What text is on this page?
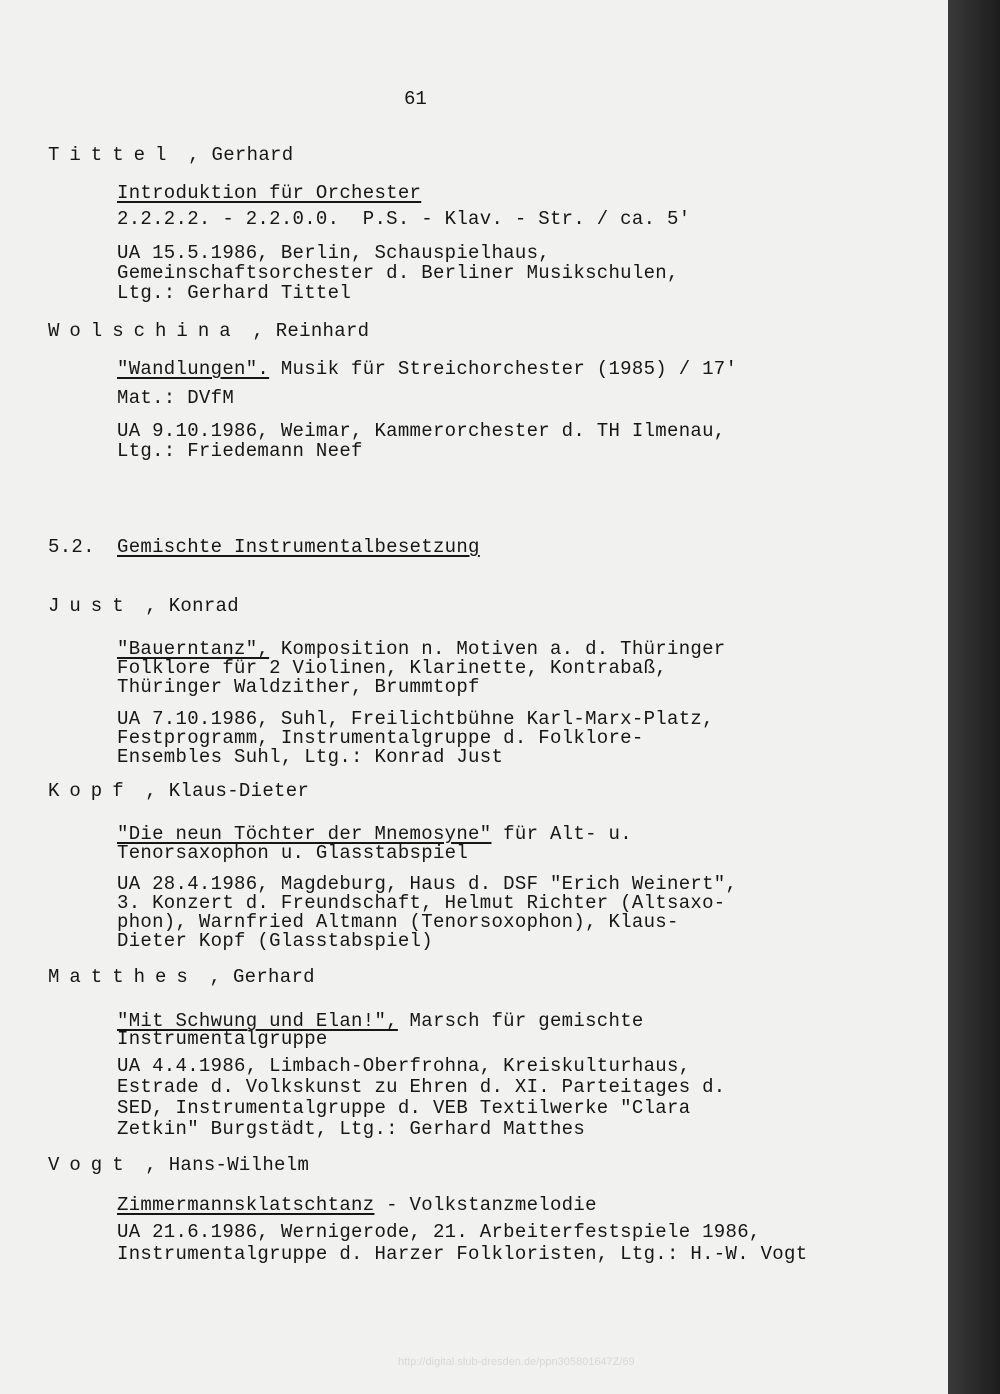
61
Tittel , Gerhard
Introduktion für Orchester
2.2.2.2. - 2.2.0.0.  P.S. - Klav. - Str. / ca. 5'
UA 15.5.1986, Berlin, Schauspielhaus,
Gemeinschaftsorchester d. Berliner Musikschulen,
Ltg.: Gerhard Tittel
Wolschina , Reinhard
"Wandlungen". Musik für Streichorchester (1985) / 17'
Mat.: DVfM
UA 9.10.1986, Weimar, Kammerorchester d. TH Ilmenau,
Ltg.: Friedemann Neef
5.2. Gemischte Instrumentalbesetzung
Just , Konrad
"Bauerntanz", Komposition n. Motiven a. d. Thüringer
Folklore für 2 Violinen, Klarinette, Kontrabaß,
Thüringer Waldzither, Brummtopf
UA 7.10.1986, Suhl, Freilichtbühne Karl-Marx-Platz,
Festprogramm, Instrumentalgruppe d. Folklore-
Ensembles Suhl, Ltg.: Konrad Just
Kopf , Klaus-Dieter
"Die neun Töchter der Mnemosyne" für Alt- u.
Tenorsaxophon u. Glasstabspiel
UA 28.4.1986, Magdeburg, Haus d. DSF "Erich Weinert",
3. Konzert d. Freundschaft, Helmut Richter (Altsaxo-
phon), Warnfried Altmann (Tenorsoxophon), Klaus-
Dieter Kopf (Glasstabspiel)
Matthes , Gerhard
"Mit Schwung und Elan!", Marsch für gemischte
Instrumentalgruppe
UA 4.4.1986, Limbach-Oberfrohna, Kreiskulturhaus,
Estrade d. Volkskunst zu Ehren d. XI. Parteitages d.
SED, Instrumentalgruppe d. VEB Textilwerke "Clara
Zetkin" Burgstädt, Ltg.: Gerhard Matthes
Vogt , Hans-Wilhelm
Zimmermannsklatschtanz - Volkstanzmelodie
UA 21.6.1986, Wernigerode, 21. Arbeiterfestspiele 1986,
Instrumentalgruppe d. Harzer Folkloristen, Ltg.: H.-W. Vogt
http://digital.slub-dresden.de/ppn305801647Z/69
